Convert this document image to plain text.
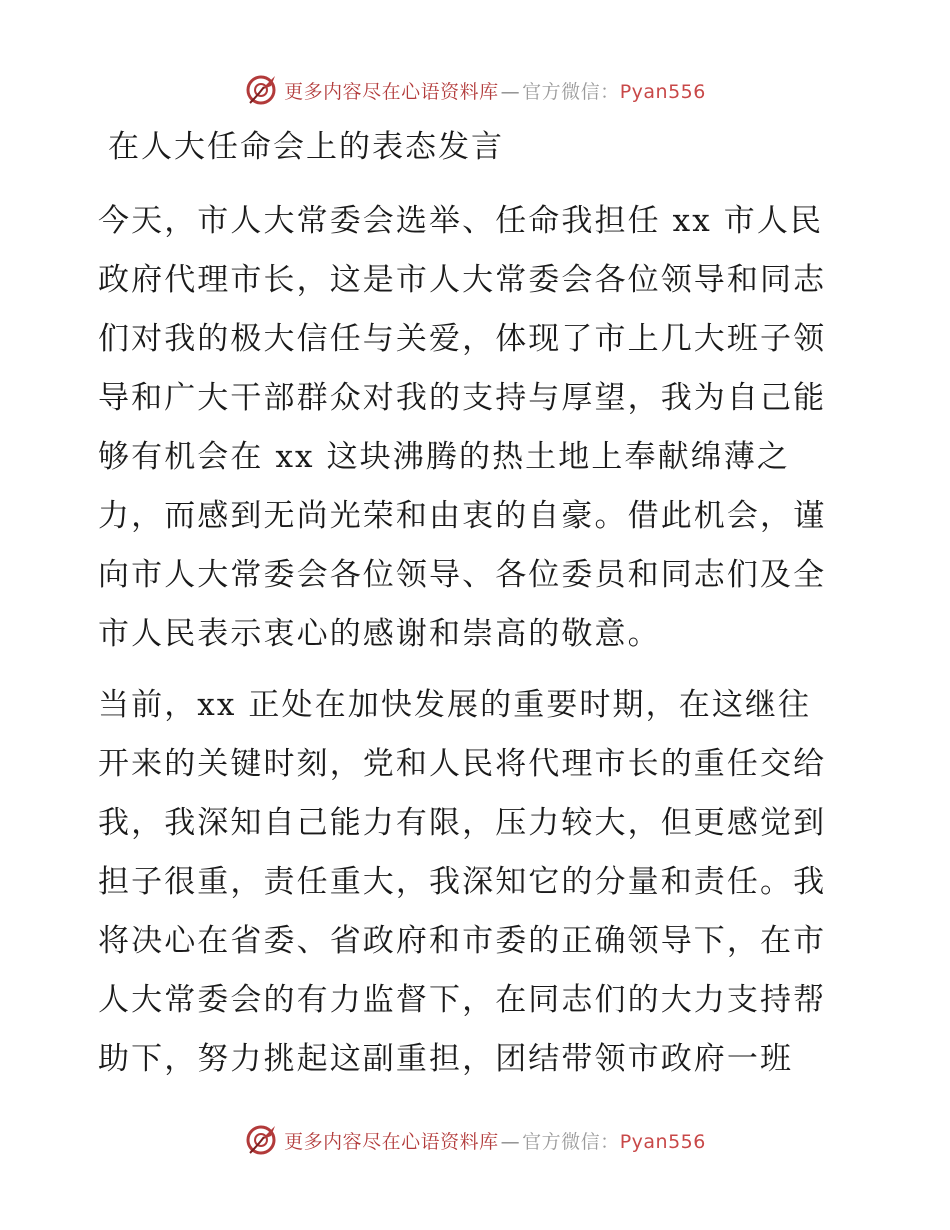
更多内容尽在心语资料库 — 官方微信：Pyan556
在人大任命会上的表态发言
今天，市人大常委会选举、任命我担任 xx 市人民
政府代理市长，这是市人大常委会各位领导和同志
们对我的极大信任与关爱，体现了市上几大班子领
导和广大干部群众对我的支持与厚望，我为自己能
够有机会在 xx 这块沸腾的热土地上奉献绵薄之
力，而感到无尚光荣和由衷的自豪。借此机会，谨
向市人大常委会各位领导、各位委员和同志们及全
市人民表示衷心的感谢和崇高的敬意。
当前，xx 正处在加快发展的重要时期，在这继往
开来的关键时刻，党和人民将代理市长的重任交给
我，我深知自己能力有限，压力较大，但更感觉到
担子很重，责任重大，我深知它的分量和责任。我
将决心在省委、省政府和市委的正确领导下，在市
人大常委会的有力监督下，在同志们的大力支持帮
助下，努力挑起这副重担，团结带领市政府一班
更多内容尽在心语资料库 — 官方微信：Pyan556
